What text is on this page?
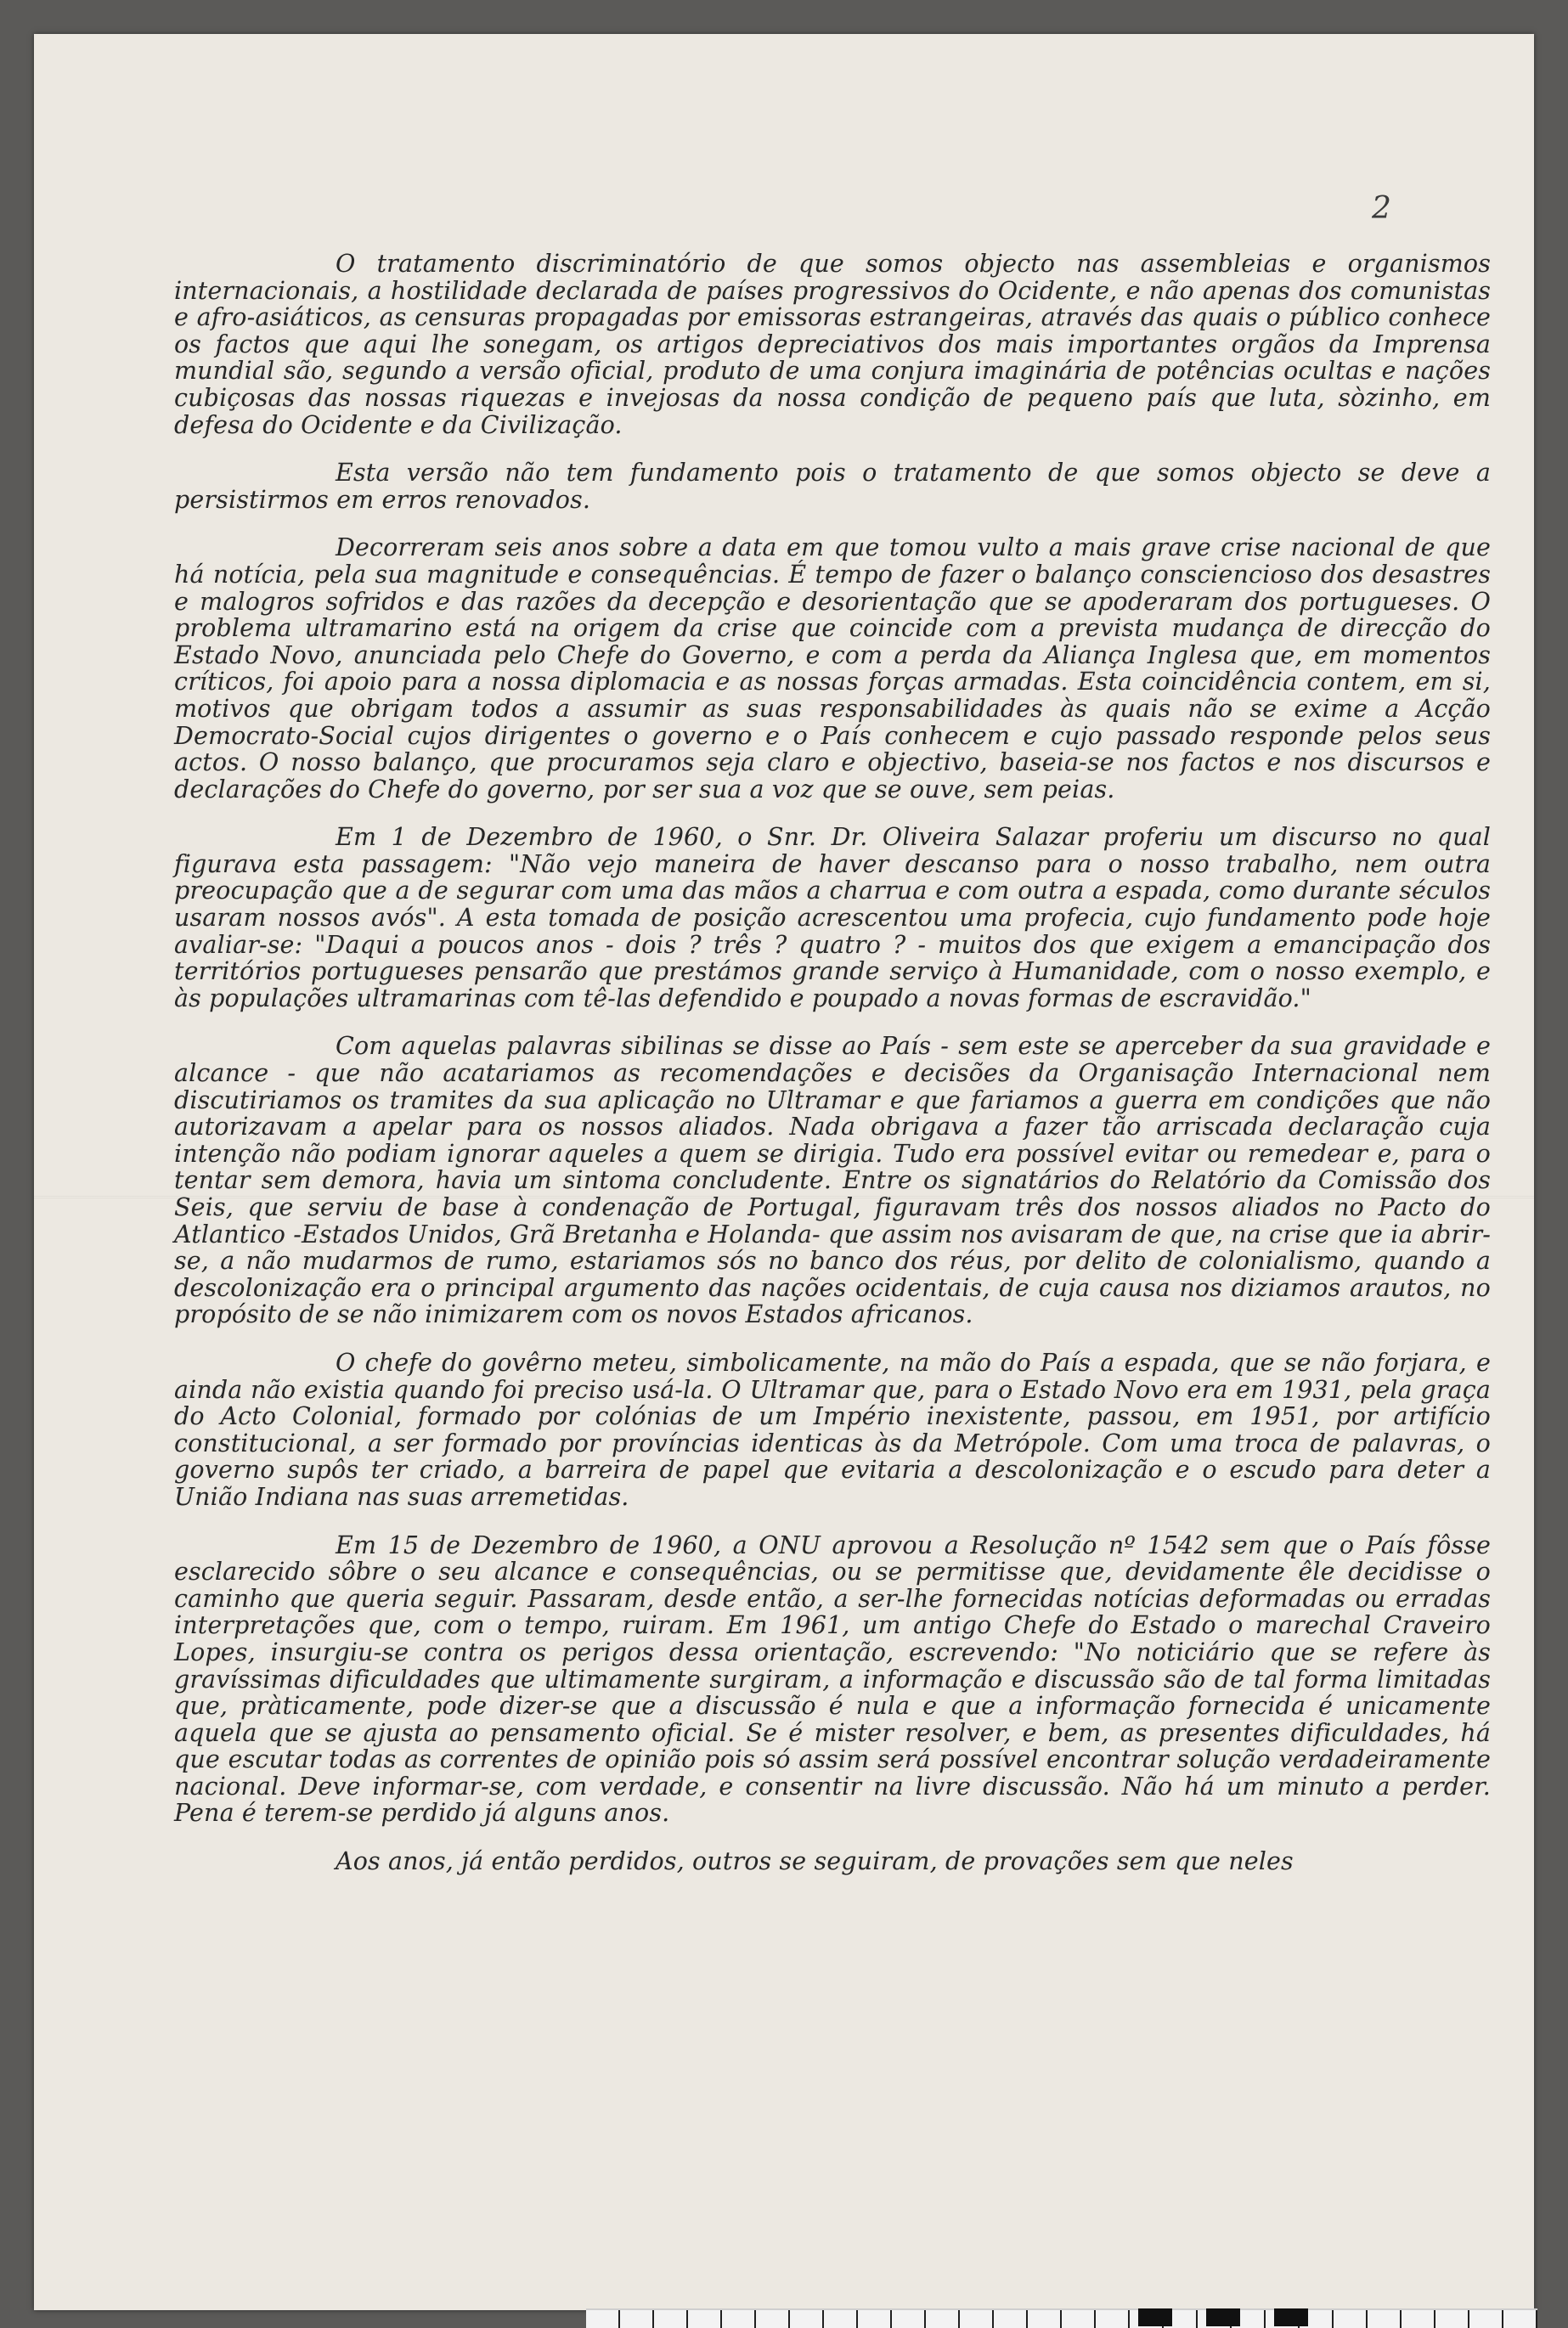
2

O tratamento discriminatório de que somos objecto nas assembleias e organismos internacionais, a hostilidade declarada de países progressivos do Ocidente, e não apenas dos comunistas e afro-asiáticos, as censuras propagadas por emissoras estrangeiras, através das quais o público conhece os factos que aqui lhe sonegam, os artigos depreciativos dos mais importantes orgãos da Imprensa mundial são, segundo a versão oficial, produto de uma conjura imaginária de potências ocultas e nações cubiçosas das nossas riquezas e invejosas da nossa condição de pequeno país que luta, sòzinho, em defesa do Ocidente e da Civilização.

Esta versão não tem fundamento pois o tratamento de que somos objecto se deve a persistirmos em erros renovados.

Decorreram seis anos sobre a data em que tomou vulto a mais grave crise nacional de que há notícia, pela sua magnitude e consequências. É tempo de fazer o balanço consciencioso dos desastres e malogros sofridos e das razões da decepção e desorientação que se apoderaram dos portugueses. O problema ultramarino está na origem da crise que coincide com a prevista mudança de direcção do Estado Novo, anunciada pelo Chefe do Governo, e com a perda da Aliança Inglesa que, em momentos críticos, foi apoio para a nossa diplomacia e as nossas forças armadas. Esta coincidência contem, em si, motivos que obrigam todos a assumir as suas responsabilidades às quais não se exime a Acção Democrato-Social cujos dirigentes o governo e o País conhecem e cujo passado responde pelos seus actos. O nosso balanço, que procuramos seja claro e objectivo, baseia-se nos factos e nos discursos e declarações do Chefe do governo, por ser sua a voz que se ouve, sem peias.

Em 1 de Dezembro de 1960, o Snr. Dr. Oliveira Salazar proferiu um discurso no qual figurava esta passagem: "Não vejo maneira de haver descanso para o nosso trabalho, nem outra preocupação que a de segurar com uma das mãos a charrua e com outra a espada, como durante séculos usaram nossos avós". A esta tomada de posição acrescentou uma profecia, cujo fundamento pode hoje avaliar-se: "Daqui a poucos anos - dois ? três ? quatro ? - muitos dos que exigem a emancipação dos territórios portugueses pensarão que prestámos grande serviço à Humanidade, com o nosso exemplo, e às populações ultramarinas com tê-las defendido e poupado a novas formas de escravidão."

Com aquelas palavras sibilinas se disse ao País - sem este se aperceber da sua gravidade e alcance - que não acatariamos as recomendações e decisões da Organisação Internacional nem discutiriamos os tramites da sua aplicação no Ultramar e que fariamos a guerra em condições que não autorizavam a apelar para os nossos aliados. Nada obrigava a fazer tão arriscada declaração cuja intenção não podiam ignorar aqueles a quem se dirigia. Tudo era possível evitar ou remedear e, para o tentar sem demora, havia um sintoma concludente. Entre os signatários do Relatório da Comissão dos Seis, que serviu de base à condenação de Portugal, figuravam três dos nossos aliados no Pacto do Atlantico -Estados Unidos, Grã Bretanha e Holanda- que assim nos avisaram de que, na crise que ia abrir-se, a não mudarmos de rumo, estariamos sós no banco dos réus, por delito de colonialismo, quando a descolonização era o principal argumento das nações ocidentais, de cuja causa nos diziamos arautos, no propósito de se não inimizarem com os novos Estados africanos.

O chefe do govêrno meteu, simbolicamente, na mão do País a espada, que se não forjara, e ainda não existia quando foi preciso usá-la. O Ultramar que, para o Estado Novo era em 1931, pela graça do Acto Colonial, formado por colónias de um Império inexistente, passou, em 1951, por artifício constitucional, a ser formado por províncias identicas às da Metrópole. Com uma troca de palavras, o governo supôs ter criado, a barreira de papel que evitaria a descolonização e o escudo para deter a União Indiana nas suas arremetidas.

Em 15 de Dezembro de 1960, a ONU aprovou a Resolução nº 1542 sem que o País fôsse esclarecido sôbre o seu alcance e consequências, ou se permitisse que, devidamente êle decidisse o caminho que queria seguir. Passaram, desde então, a ser-lhe fornecidas notícias deformadas ou erradas interpretações que, com o tempo, ruiram. Em 1961, um antigo Chefe do Estado o marechal Craveiro Lopes, insurgiu-se contra os perigos dessa orientação, escrevendo: "No noticiário que se refere às gravíssimas dificuldades que ultimamente surgiram, a informação e discussão são de tal forma limitadas que, pràticamente, pode dizer-se que a discussão é nula e que a informação fornecida é unicamente aquela que se ajusta ao pensamento oficial. Se é mister resolver, e bem, as presentes dificuldades, há que escutar todas as correntes de opinião pois só assim será possível encontrar solução verdadeiramente nacional. Deve informar-se, com verdade, e consentir na livre discussão. Não há um minuto a perder. Pena é terem-se perdido já alguns anos.

Aos anos, já então perdidos, outros se seguiram, de provações sem que neles
